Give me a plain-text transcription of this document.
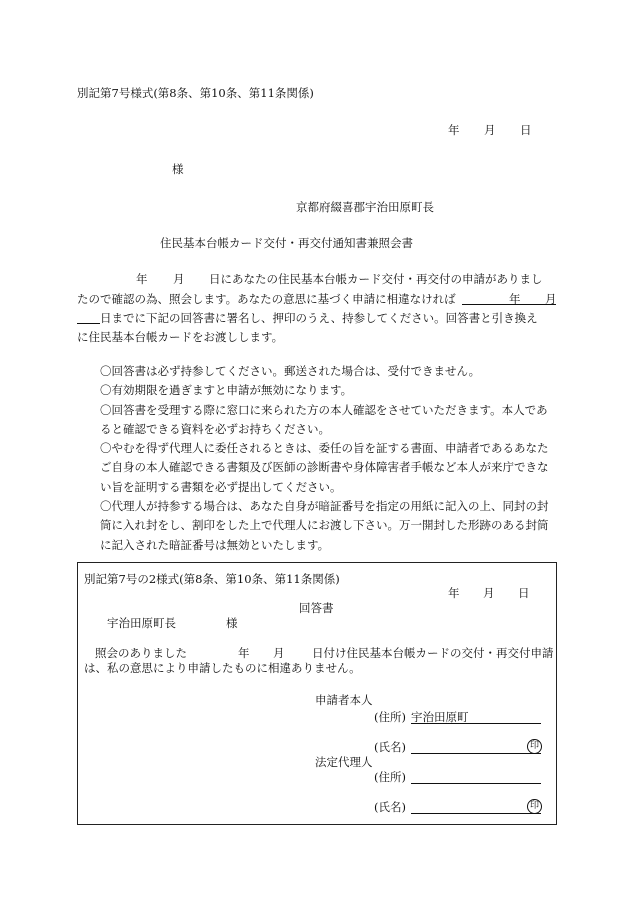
別記第7号様式(第8条、第10条、第11条関係)
年 月 日
様
京都府綴喜郡宇治田原町長
住民基本台帳カード交付・再交付通知書兼照会書
年 月 日にあなたの住民基本台帳カード交付・再交付の申請がありまし
たので確認の為、照会します。あなたの意思に基づく申請に相違なければ	年 月
日までに下記の回答書に署名し、押印のうえ、持参してください。回答書と引き換え
に住民基本台帳カードをお渡しします。

〇回答書は必ず持参してください。郵送された場合は、受付できません。

〇有効期限を過ぎますと申請が無効になります。

〇回答書を受理する際に窓口に来られた方の本人確認をさせていただきます。本人であると確認できる資料を必ずお持ちください。

〇やむを得ず代理人に委任されるときは、委任の旨を証する書面、申請者であるあなたご自身の本人確認できる書類及び医師の診断書や身体障害者手帳など本人が来庁できない旨を証明する書類を必ず提出してください。

〇代理人が持参する場合は、あなた自身が暗証番号を指定の用紙に記入の上、同封の封筒に入れ封をし、割印をした上で代理人にお渡し下さい。万一開封した形跡のある封筒に記入された暗証番号は無効といたします。

別記第7号の2様式(第8条、第10条、第11条関係)
年 月 日
回答書
宇治田原町長	様
照会のありました	年 月 日付け住民基本台帳カードの交付・再交付申請
は、私の意思により申請したものに相違ありません。
申請者本人
(住所) 宇治田原町
(氏名)	印
法定代理人
(住所)
(氏名)	印
